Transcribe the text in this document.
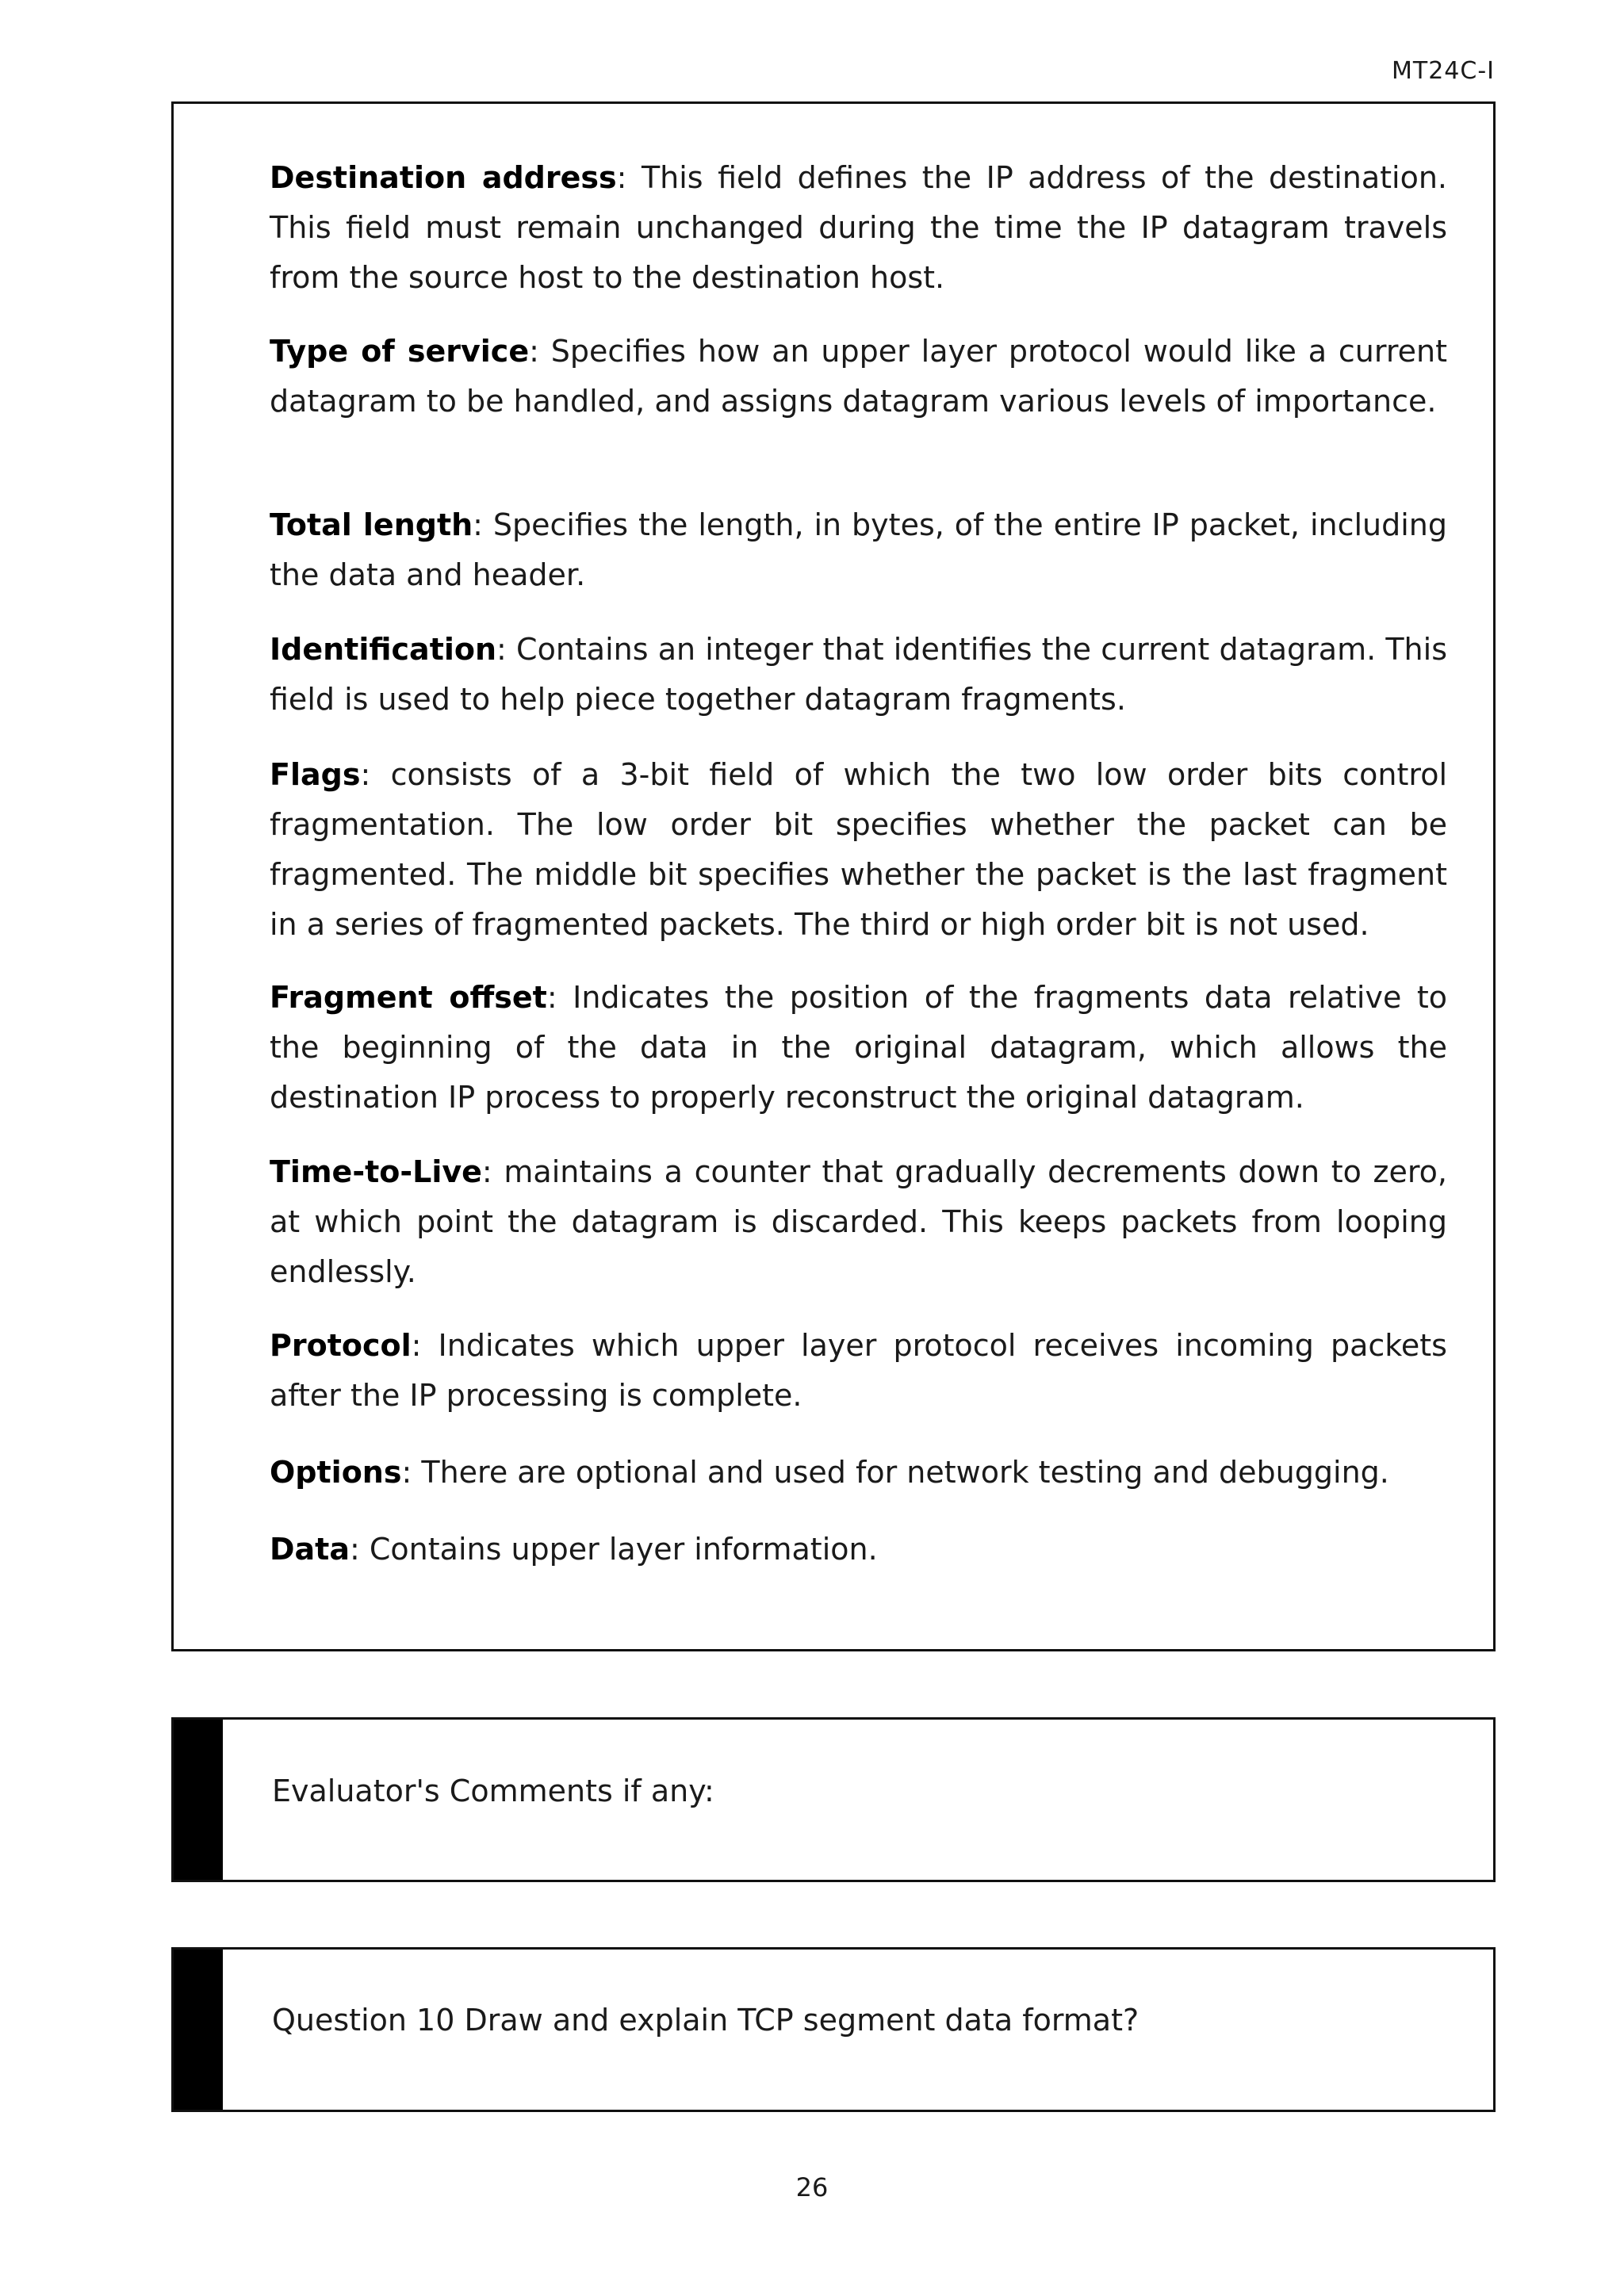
MT24C-I

Destination address: This field defines the IP address of the destination. This field must remain unchanged during the time the IP datagram travels from the source host to the destination host.

Type of service: Specifies how an upper layer protocol would like a current datagram to be handled, and assigns datagram various levels of importance.

Total length: Specifies the length, in bytes, of the entire IP packet, including the data and header.

Identification: Contains an integer that identifies the current datagram. This field is used to help piece together datagram fragments.

Flags: consists of a 3-bit field of which the two low order bits control fragmentation. The low order bit specifies whether the packet can be fragmented. The middle bit specifies whether the packet is the last fragment in a series of fragmented packets. The third or high order bit is not used.

Fragment offset: Indicates the position of the fragments data relative to the beginning of the data in the original datagram, which allows the destination IP process to properly reconstruct the original datagram.

Time-to-Live: maintains a counter that gradually decrements down to zero, at which point the datagram is discarded. This keeps packets from looping endlessly.

Protocol: Indicates which upper layer protocol receives incoming packets after the IP processing is complete.

Options: There are optional and used for network testing and debugging.

Data: Contains upper layer information.

Evaluator's Comments if any:
Question 10 Draw and explain TCP segment data format?
26
